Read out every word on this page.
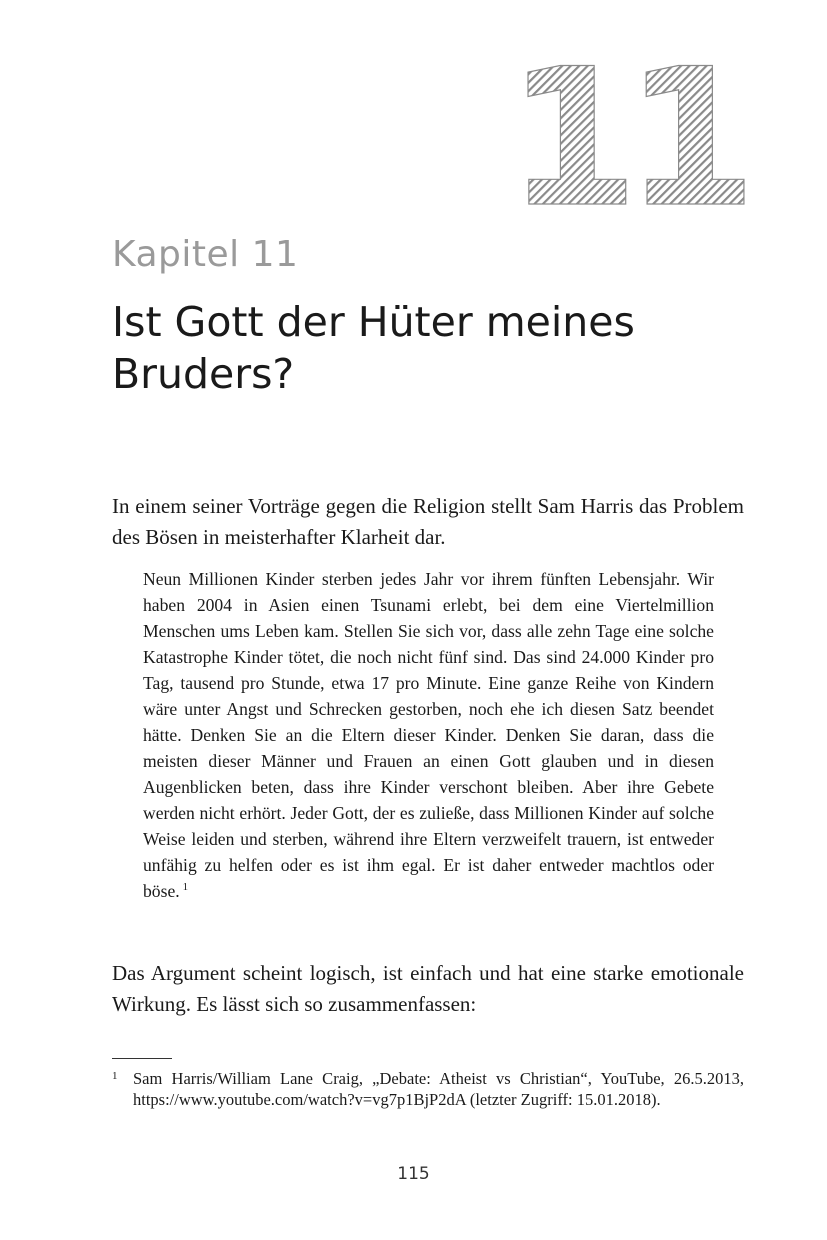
11
Kapitel 11
Ist Gott der Hüter meines Bruders?

In einem seiner Vorträge gegen die Religion stellt Sam Harris das Problem des Bösen in meisterhafter Klarheit dar.

Neun Millionen Kinder sterben jedes Jahr vor ihrem fünften Lebensjahr. Wir haben 2004 in Asien einen Tsunami erlebt, bei dem eine Viertelmillion Menschen ums Leben kam. Stellen Sie sich vor, dass alle zehn Tage eine solche Katastrophe Kinder tötet, die noch nicht fünf sind. Das sind 24.000 Kinder pro Tag, tausend pro Stunde, etwa 17 pro Minute. Eine ganze Reihe von Kindern wäre unter Angst und Schrecken gestorben, noch ehe ich diesen Satz beendet hätte. Denken Sie an die Eltern dieser Kinder. Denken Sie daran, dass die meisten dieser Männer und Frauen an einen Gott glauben und in diesen Augenblicken beten, dass ihre Kinder verschont bleiben. Aber ihre Gebete werden nicht erhört. Jeder Gott, der es zuließe, dass Millionen Kinder auf solche Weise leiden und sterben, während ihre Eltern verzweifelt trauern, ist entweder unfähig zu helfen oder es ist ihm egal. Er ist daher entweder machtlos oder böse. $^1$

Das Argument scheint logisch, ist einfach und hat eine starke emotionale Wirkung. Es lässt sich so zusammenfassen:

1 Sam Harris/William Lane Craig, „Debate: Atheist vs Christian“, YouTube, 26.5.2013, https://www.youtube.com/watch?v=vg7p1BjP2dA (letzter Zugriff: 15.01.2018).
115
